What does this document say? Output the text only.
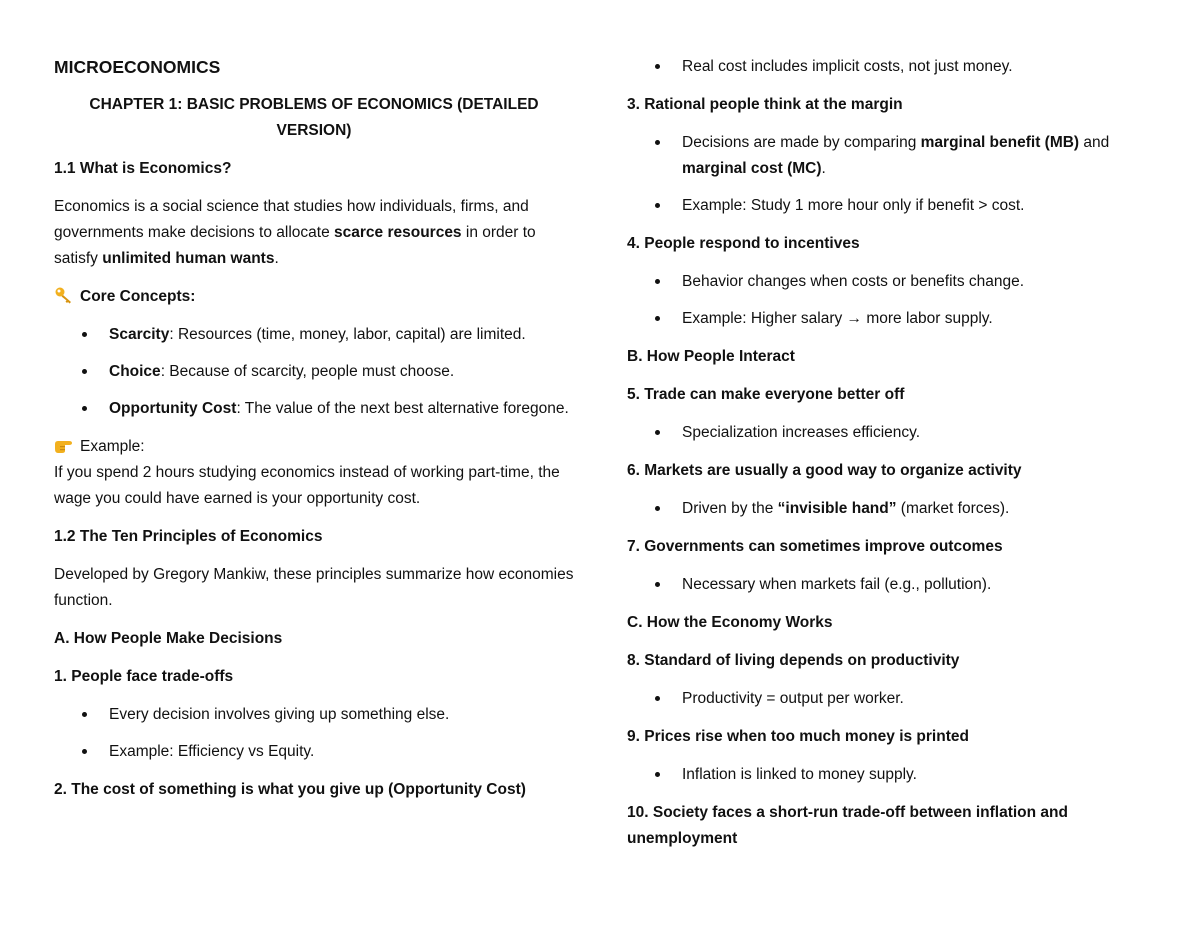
MICROECONOMICS

CHAPTER 1: BASIC PROBLEMS OF ECONOMICS (DETAILED VERSION)

1.1 What is Economics?

Economics is a social science that studies how individuals, firms, and governments make decisions to allocate scarce resources in order to satisfy unlimited human wants.

Core Concepts:

Scarcity: Resources (time, money, labor, capital) are limited.
Choice: Because of scarcity, people must choose.
Opportunity Cost: The value of the next best alternative foregone.

Example:

If you spend 2 hours studying economics instead of working part-time, the wage you could have earned is your opportunity cost.

1.2 The Ten Principles of Economics

Developed by Gregory Mankiw, these principles summarize how economies function.

A. How People Make Decisions

1. People face trade-offs

Every decision involves giving up something else.
Example: Efficiency vs Equity.

2. The cost of something is what you give up (Opportunity Cost)

Real cost includes implicit costs, not just money.

3. Rational people think at the margin

Decisions are made by comparing marginal benefit (MB) and marginal cost (MC).
Example: Study 1 more hour only if benefit > cost.

4. People respond to incentives

Behavior changes when costs or benefits change.
Example: Higher salary → more labor supply.

B. How People Interact

5. Trade can make everyone better off

Specialization increases efficiency.

6. Markets are usually a good way to organize activity

Driven by the “invisible hand” (market forces).

7. Governments can sometimes improve outcomes

Necessary when markets fail (e.g., pollution).

C. How the Economy Works

8. Standard of living depends on productivity

Productivity = output per worker.

9. Prices rise when too much money is printed

Inflation is linked to money supply.

10. Society faces a short-run trade-off between inflation and unemployment
